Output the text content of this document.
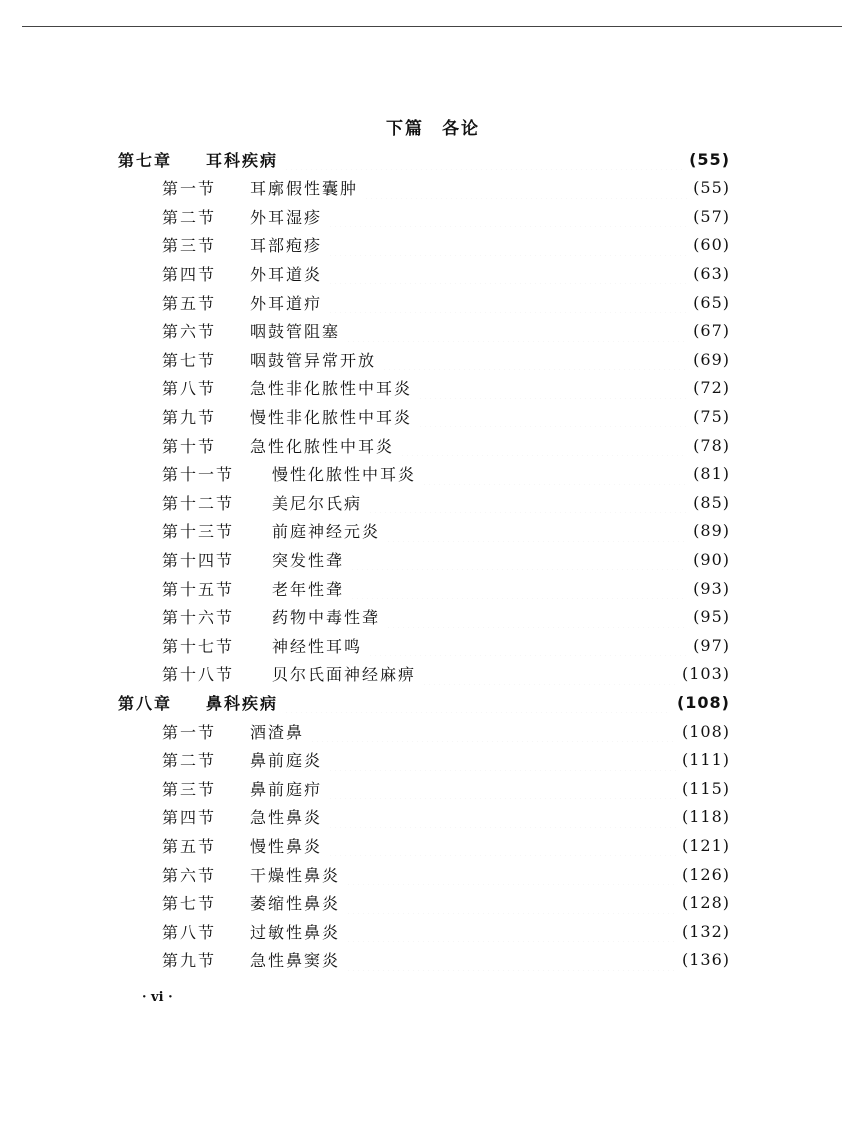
下篇 各论
第七章	耳科疾病	(55)
第一节	耳廓假性囊肿	(55)
第二节	外耳湿疹	(57)
第三节	耳部疱疹	(60)
第四节	外耳道炎	(63)
第五节	外耳道疖	(65)
第六节	咽鼓管阻塞	(67)
第七节	咽鼓管异常开放	(69)
第八节	急性非化脓性中耳炎	(72)
第九节	慢性非化脓性中耳炎	(75)
第十节	急性化脓性中耳炎	(78)
第十一节	慢性化脓性中耳炎	(81)
第十二节	美尼尔氏病	(85)
第十三节	前庭神经元炎	(89)
第十四节	突发性聋	(90)
第十五节	老年性聋	(93)
第十六节	药物中毒性聋	(95)
第十七节	神经性耳鸣	(97)
第十八节	贝尔氏面神经麻痹	(103)
第八章	鼻科疾病	(108)
第一节	酒渣鼻	(108)
第二节	鼻前庭炎	(111)
第三节	鼻前庭疖	(115)
第四节	急性鼻炎	(118)
第五节	慢性鼻炎	(121)
第六节	干燥性鼻炎	(126)
第七节	萎缩性鼻炎	(128)
第八节	过敏性鼻炎	(132)
第九节	急性鼻窦炎	(136)
· vi ·
